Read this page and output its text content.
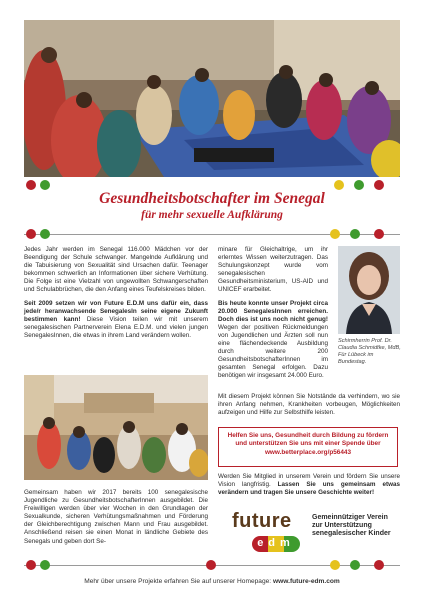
Gesundheitsbotschafter im Senegal
für mehr sexuelle Aufklärung

Jedes Jahr werden im Senegal 116.000 Mädchen vor der Beendigung der Schule schwanger. Mangelnde Aufklärung und die Tabuisierung von Sexualität sind Ursachen dafür. Teenager bekommen schwerlich an Informationen über sichere Verhütung. Die Folge ist eine Vielzahl von ungewollten Schwangerschaften und Schulabbrüchen, die den Anfang eines Teufelskreises bilden.

Seit 2009 setzen wir von Future E.D.M uns dafür ein, dass jede/r heranwachsende SenegalesIn seine eigene Zukunft bestimmen kann! Diese Vision teilen wir mit unserem senegalesischen Partnerverein Elena E.D.M. und vielen jungen SenegalesInnen, die etwas in ihrem Land verändern wollen.

Gemeinsam haben wir 2017 bereits 100 senegalesische Jugendliche zu GesundheitsbotschafterInnen ausgebildet. Die Freiwilligen werden über vier Wochen in den Grundlagen der Sexualkunde, sicheren Verhütungsmaßnahmen und Förderung der Gleichberechtigung zwischen Mann und Frau ausgebildet. Anschließend reisen sie einen Monat in ländliche Gebiete des Senegals und geben dort Se-

minare für Gleichaltrige, um ihr erlerntes Wissen weiterzutragen. Das Schulungskonzept wurde vom senegalesischen Gesundheitsministerium, US-AID und UNICEF erarbeitet.

Bis heute konnte unser Projekt circa 20.000 SenegalesInnen erreichen. Doch dies ist uns noch nicht genug! Wegen der positiven Rückmeldungen von Jugendlichen und Ärzten soll nun eine flächendeckende Ausbildung durch weitere 200 GesundheitsbotschafterInnen im gesamten Senegal erfolgen. Dazu benötigen wir insgesamt 24.000 Euro.

Schirmherrin Prof. Dr. Claudia Schmidtke, MdB, Für Lübeck im Bundestag.
Mit diesem Projekt können Sie Notstände da verhindern, wo sie ihren Anfang nehmen, Krankheiten vorbeugen, Möglichkeiten aufzeigen und Hilfe zur Selbsthilfe leisten.
Helfen Sie uns, Gesundheit durch Bildung zu fördern
und unterstützen Sie uns mit einer Spende über
www.betterplace.org/p56443
Werden Sie Mitglied in unserem Verein und fördern Sie unsere Vision langfristig. Lassen Sie uns gemeinsam etwas verändern und tragen Sie unsere Geschichte weiter!
future
edm
Gemeinnütziger Verein
zur Unterstützung
senegalesischer Kinder
Mehr über unsere Projekte erfahren Sie auf unserer Homepage: www.future-edm.com
